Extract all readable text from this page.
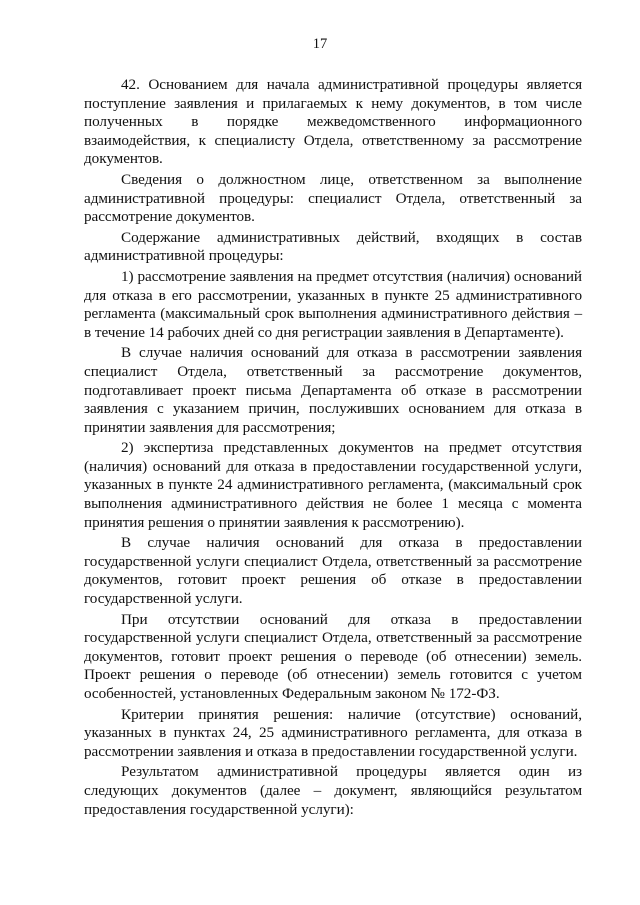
17

42. Основанием для начала административной процедуры является поступление заявления и прилагаемых к нему документов, в том числе полученных в порядке межведомственного информационного взаимодействия, к специалисту Отдела, ответственному за рассмотрение документов.

Сведения о должностном лице, ответственном за выполнение административной процедуры: специалист Отдела, ответственный за рассмотрение документов.

Содержание административных действий, входящих в состав административной процедуры:

1) рассмотрение заявления на предмет отсутствия (наличия) оснований для отказа в его рассмотрении, указанных в пункте 25 административного регламента (максимальный срок выполнения административного действия – в течение 14 рабочих дней со дня регистрации заявления в Департаменте).

В случае наличия оснований для отказа в рассмотрении заявления специалист Отдела, ответственный за рассмотрение документов, подготавливает проект письма Департамента об отказе в рассмотрении заявления с указанием причин, послуживших основанием для отказа в принятии заявления для рассмотрения;

2) экспертиза представленных документов на предмет отсутствия (наличия) оснований для отказа в предоставлении государственной услуги, указанных в пункте 24 административного регламента, (максимальный срок выполнения административного действия не более 1 месяца с момента принятия решения о принятии заявления к рассмотрению).

В случае наличия оснований для отказа в предоставлении государственной услуги специалист Отдела, ответственный за рассмотрение документов, готовит проект решения об отказе в предоставлении государственной услуги.

При отсутствии оснований для отказа в предоставлении государственной услуги специалист Отдела, ответственный за рассмотрение документов, готовит проект решения о переводе (об отнесении) земель. Проект решения о переводе (об отнесении) земель готовится с учетом особенностей, установленных Федеральным законом № 172-ФЗ.

Критерии принятия решения: наличие (отсутствие) оснований, указанных в пунктах 24, 25 административного регламента, для отказа в рассмотрении заявления и отказа в предоставлении государственной услуги.

Результатом административной процедуры является один из следующих документов (далее – документ, являющийся результатом предоставления государственной услуги):
